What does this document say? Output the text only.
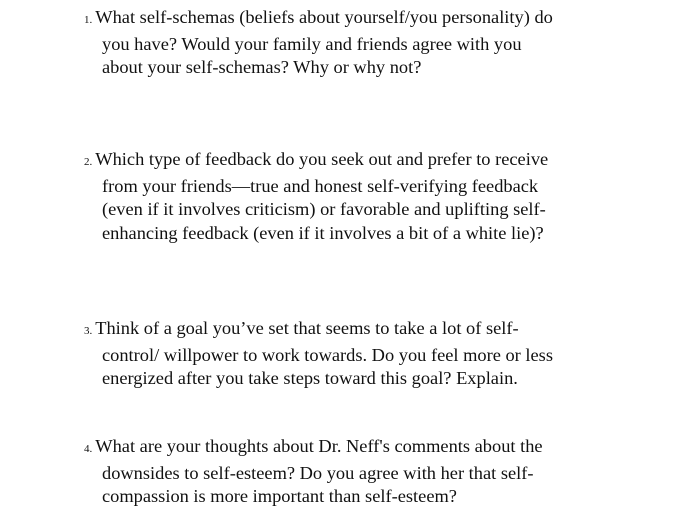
1. What self-schemas (beliefs about yourself/you personality) do
you have? Would your family and friends agree with you
about your self-schemas? Why or why not?
2. Which type of feedback do you seek out and prefer to receive
from your friends—true and honest self-verifying feedback
(even if it involves criticism) or favorable and uplifting self-
enhancing feedback (even if it involves a bit of a white lie)?
3. Think of a goal you’ve set that seems to take a lot of self-
control/ willpower to work towards. Do you feel more or less
energized after you take steps toward this goal? Explain.
4. What are your thoughts about Dr. Neff's comments about the
downsides to self-esteem? Do you agree with her that self-
compassion is more important than self-esteem?
